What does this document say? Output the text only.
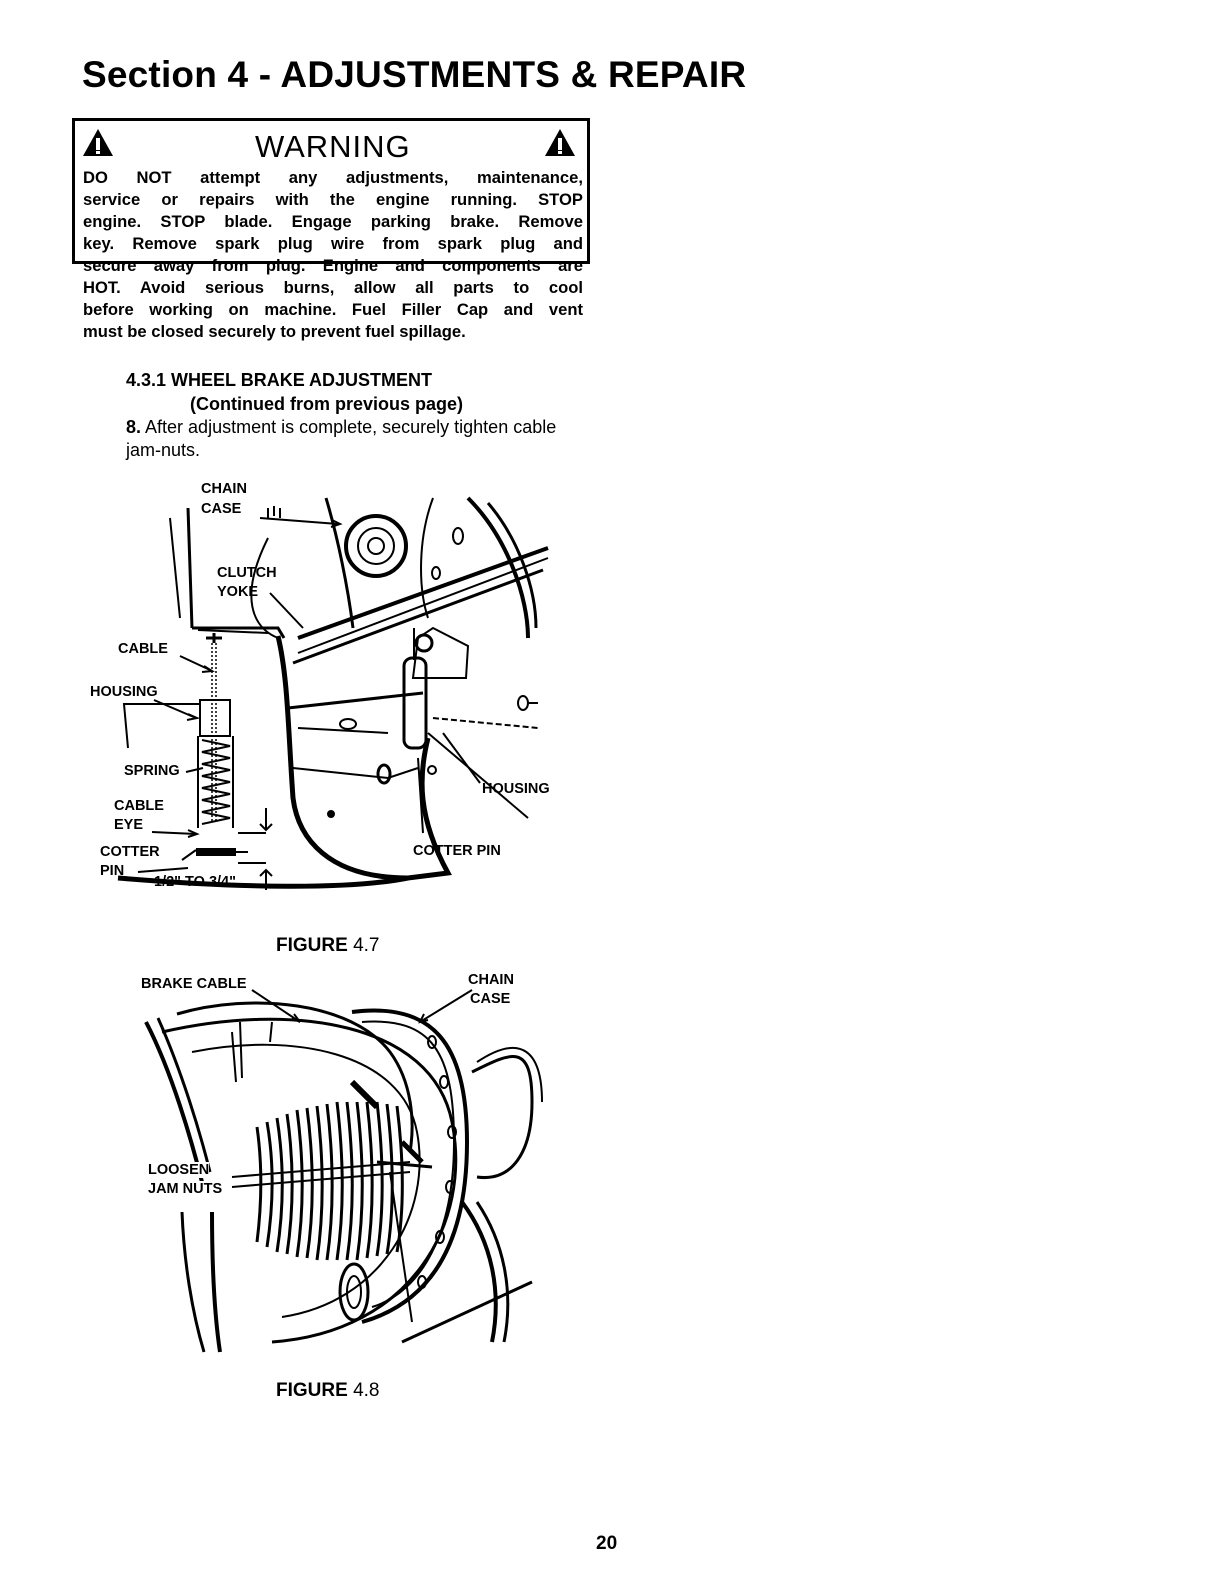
Section 4 - ADJUSTMENTS & REPAIR
WARNING
DO NOT attempt any adjustments, maintenance,
service or repairs with the engine running. STOP
engine. STOP blade. Engage parking brake. Remove
key. Remove spark plug wire from spark plug and
secure away from plug. Engine and components are
HOT. Avoid serious burns, allow all parts to cool
before working on machine. Fuel Filler Cap and vent
must be closed securely to prevent fuel spillage.
4.3.1 WHEEL BRAKE ADJUSTMENT
(Continued from previous page)
8. After adjustment is complete, securely tighten cable
jam-nuts.
CHAIN
CASE
CLUTCH
YOKE
CABLE
HOUSING
SPRING
CABLE
EYE
COTTER
PIN
1/2" TO 3/4"
HOUSING
COTTER PIN
FIGURE 4.7
BRAKE CABLE	CHAIN
CASE
LOOSEN
JAM NUTS
FIGURE 4.8
20
